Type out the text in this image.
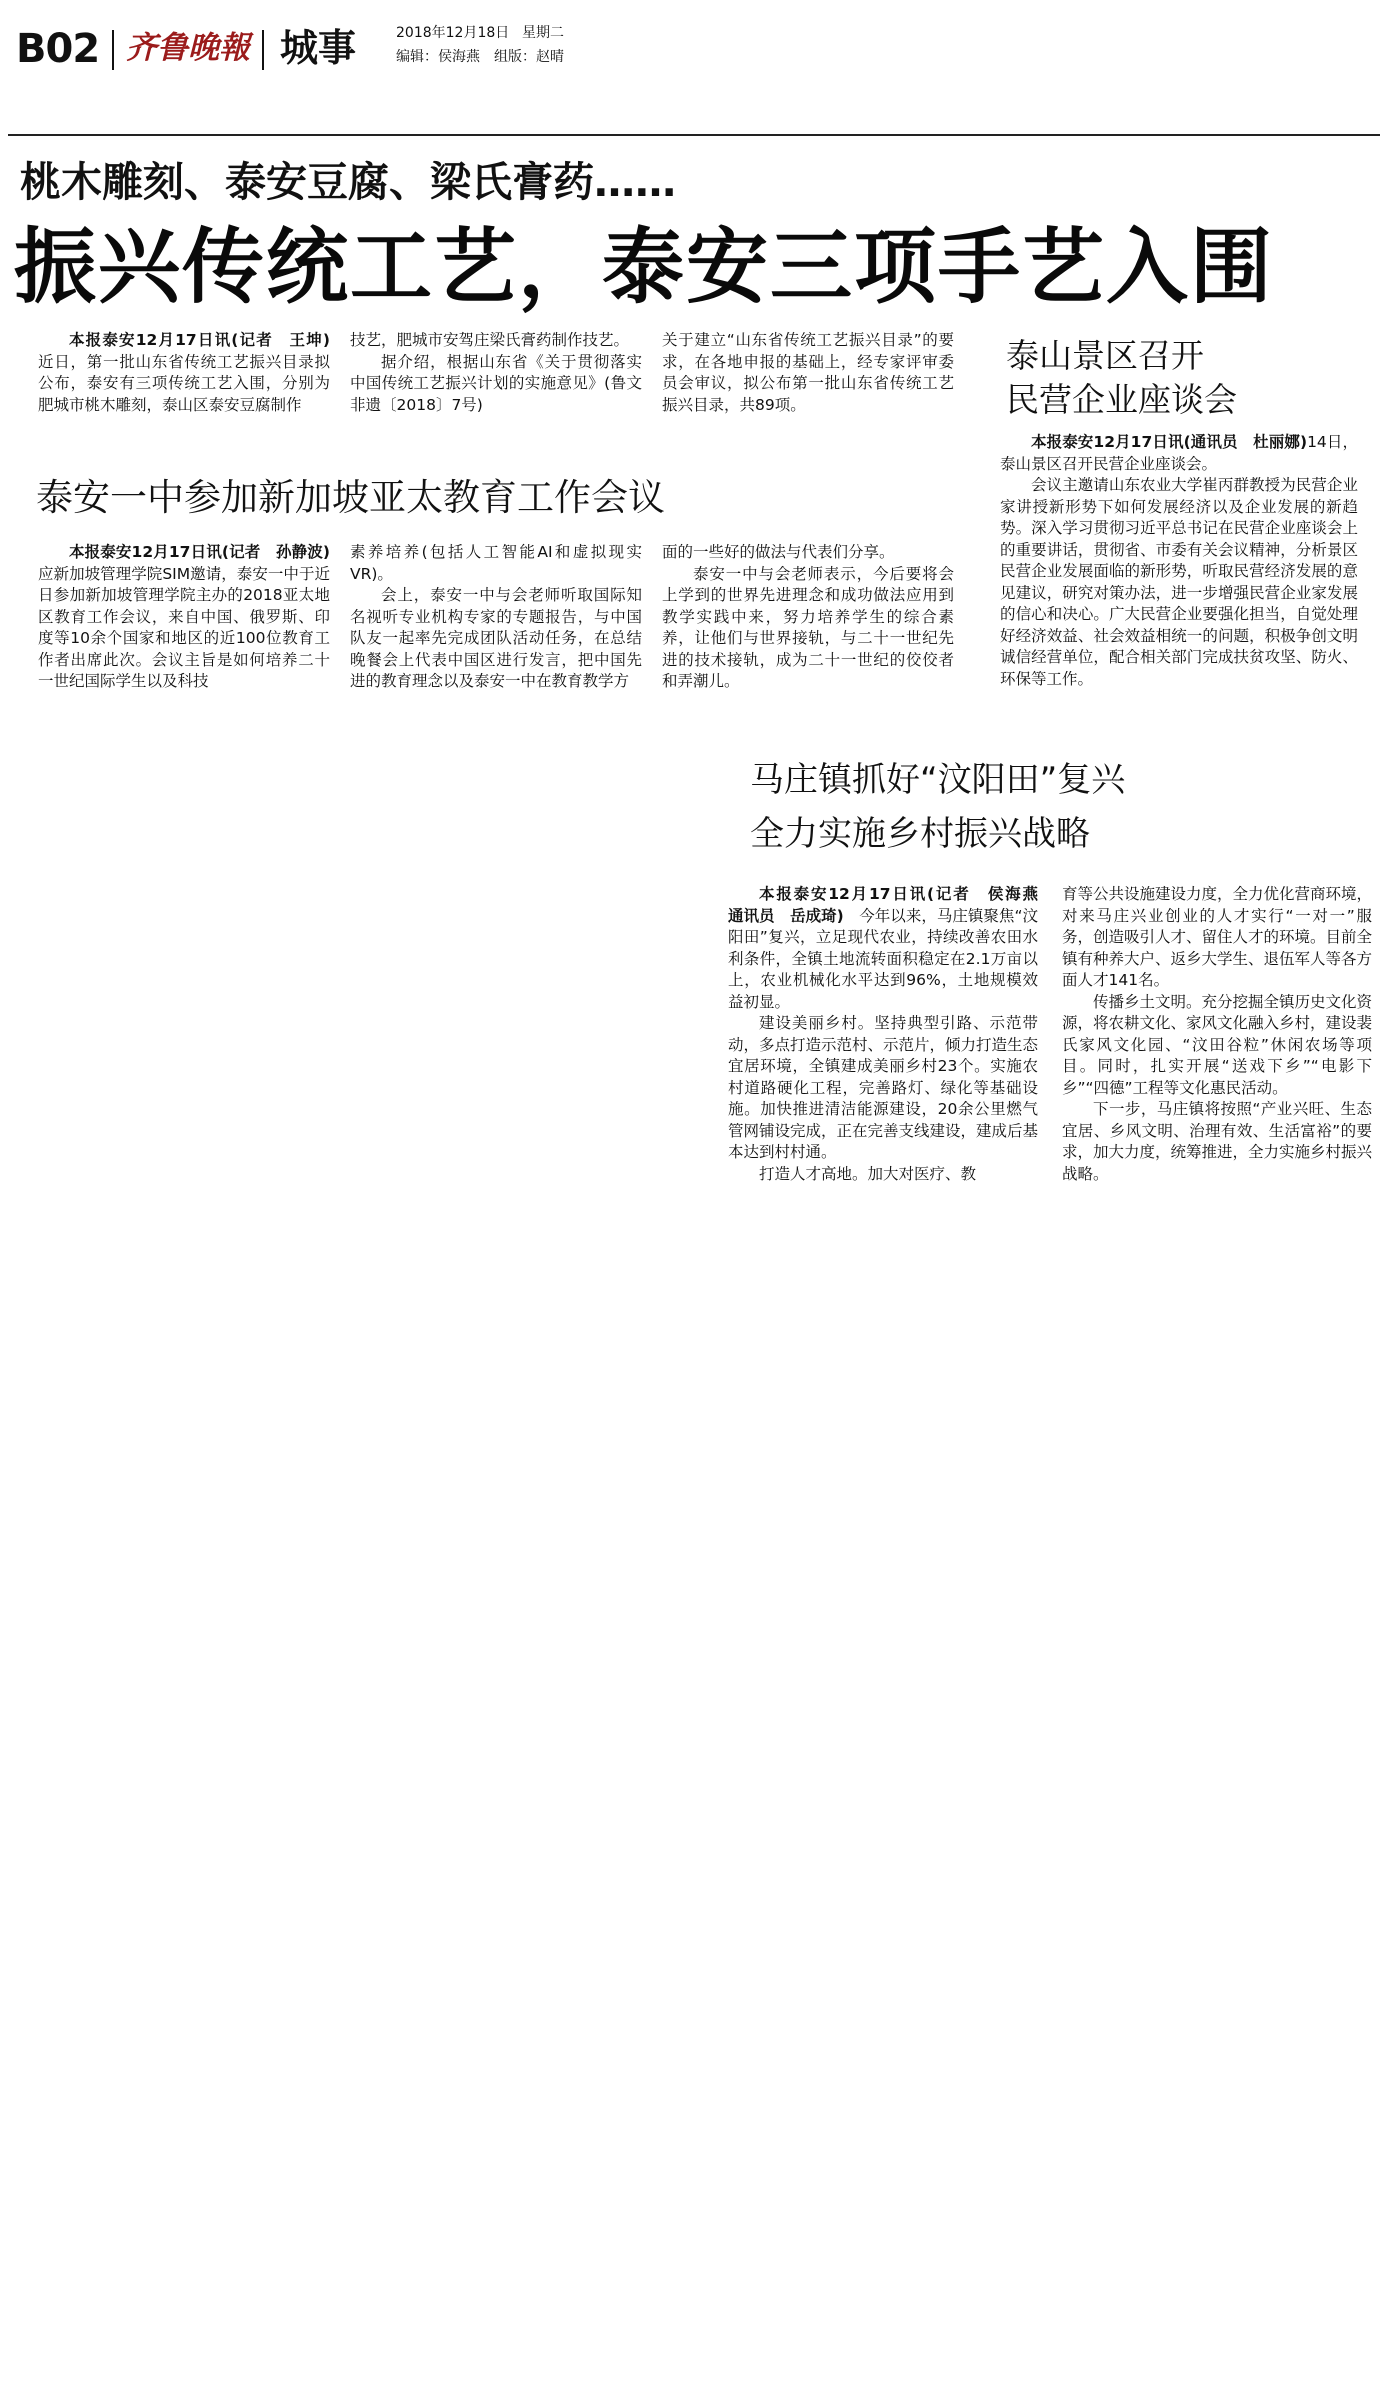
B02 齐鲁晚報 城事	2018年12月18日 星期二
编辑：侯海燕　组版：赵晴
桃木雕刻、泰安豆腐、梁氏膏药……
振兴传统工艺，泰安三项手艺入围

本报泰安12月17日讯(记者　王坤)　近日，第一批山东省传统工艺振兴目录拟公布，泰安有三项传统工艺入围，分别为肥城市桃木雕刻，泰山区泰安豆腐制作

技艺，肥城市安驾庄梁氏膏药制作技艺。

据介绍，根据山东省《关于贯彻落实中国传统工艺振兴计划的实施意见》(鲁文非遗〔2018〕7号)

关于建立“山东省传统工艺振兴目录”的要求，在各地申报的基础上，经专家评审委员会审议，拟公布第一批山东省传统工艺振兴目录，共89项。

泰安一中参加新加坡亚太教育工作会议

本报泰安12月17日讯(记者　孙静波)　应新加坡管理学院SIM邀请，泰安一中于近日参加新加坡管理学院主办的2018亚太地区教育工作会议，来自中国、俄罗斯、印度等10余个国家和地区的近100位教育工作者出席此次。会议主旨是如何培养二十一世纪国际学生以及科技

素养培养(包括人工智能AI和虚拟现实VR)。

会上，泰安一中与会老师听取国际知名视听专业机构专家的专题报告，与中国队友一起率先完成团队活动任务，在总结晚餐会上代表中国区进行发言，把中国先进的教育理念以及泰安一中在教育教学方

面的一些好的做法与代表们分享。

泰安一中与会老师表示，今后要将会上学到的世界先进理念和成功做法应用到教学实践中来，努力培养学生的综合素养，让他们与世界接轨，与二十一世纪先进的技术接轨，成为二十一世纪的佼佼者和弄潮儿。

泰山景区召开
民营企业座谈会

本报泰安12月17日讯(通讯员　杜丽娜)14日，泰山景区召开民营企业座谈会。

会议主邀请山东农业大学崔丙群教授为民营企业家讲授新形势下如何发展经济以及企业发展的新趋势。深入学习贯彻习近平总书记在民营企业座谈会上的重要讲话，贯彻省、市委有关会议精神，分析景区民营企业发展面临的新形势，听取民营经济发展的意见建议，研究对策办法，进一步增强民营企业家发展的信心和决心。广大民营企业要强化担当，自觉处理好经济效益、社会效益相统一的问题，积极争创文明诚信经营单位，配合相关部门完成扶贫攻坚、防火、环保等工作。

马庄镇抓好“汶阳田”复兴
全力实施乡村振兴战略

本报泰安12月17日讯(记者　侯海燕　通讯员　岳成琦)　 今年以来，马庄镇聚焦“汶阳田”复兴，立足现代农业，持续改善农田水利条件，全镇土地流转面积稳定在2.1万亩以上，农业机械化水平达到96%，土地规模效益初显。

建设美丽乡村。坚持典型引路、示范带动，多点打造示范村、示范片，倾力打造生态宜居环境，全镇建成美丽乡村23个。实施农村道路硬化工程，完善路灯、绿化等基础设施。加快推进清洁能源建设，20余公里燃气管网铺设完成，正在完善支线建设，建成后基本达到村村通。

打造人才高地。加大对医疗、教

育等公共设施建设力度，全力优化营商环境，对来马庄兴业创业的人才实行“一对一”服务，创造吸引人才、留住人才的环境。目前全镇有种养大户、返乡大学生、退伍军人等各方面人才141名。

传播乡土文明。充分挖掘全镇历史文化资源，将农耕文化、家风文化融入乡村，建设裴氏家风文化园、“汶田谷粒”休闲农场等项目。同时，扎实开展“送戏下乡”“电影下乡”“四德”工程等文化惠民活动。

下一步，马庄镇将按照“产业兴旺、生态宜居、乡风文明、治理有效、生活富裕”的要求，加大力度，统筹推进，全力实施乡村振兴战略。
